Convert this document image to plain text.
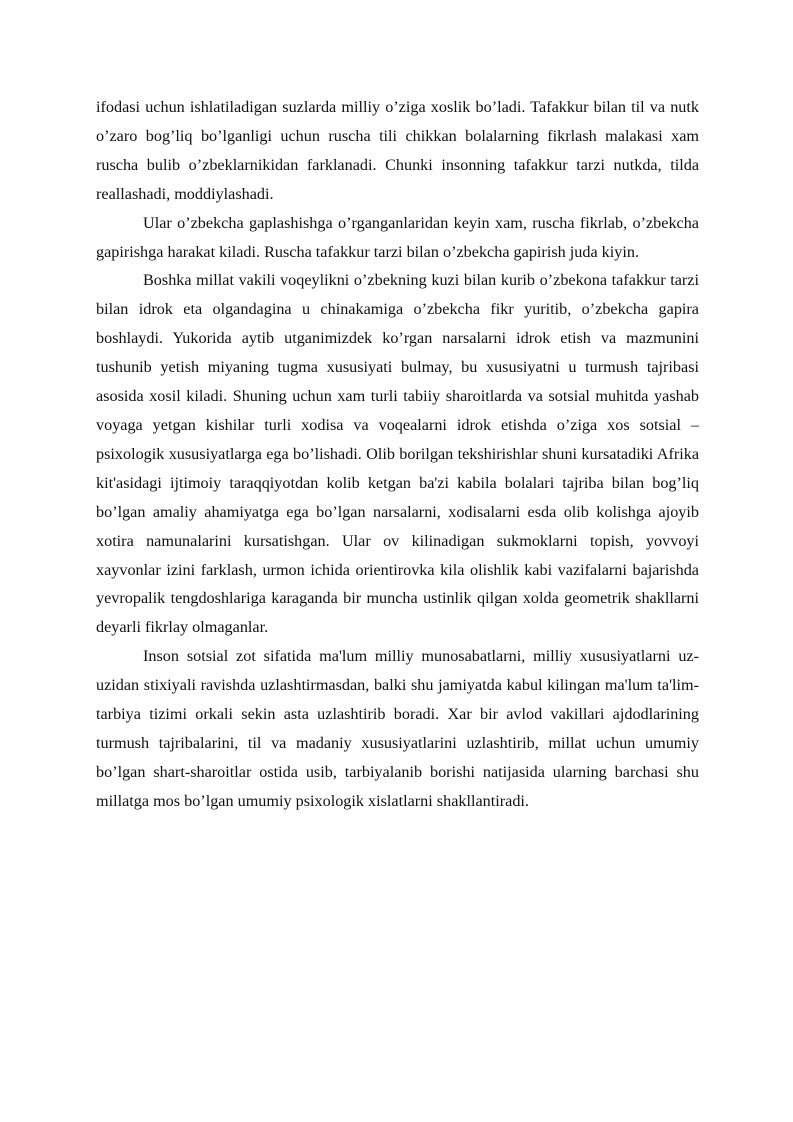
ifodasi uchun ishlatiladigan suzlarda milliy o’ziga xoslik bo’ladi. Tafakkur bilan til va nutk o’zaro bog’liq bo’lganligi uchun ruscha tili chikkan bolalarning fikrlash malakasi xam ruscha bulib o’zbeklarnikidan farklanadi. Chunki insonning tafakkur tarzi nutkda, tilda reallashadi, moddiylashadi.

Ular o’zbekcha gaplashishga o’rganganlaridan keyin xam, ruscha fikrlab, o’zbekcha gapirishga harakat kiladi. Ruscha tafakkur tarzi bilan o’zbekcha gapirish juda kiyin.

Boshka millat vakili voqeylikni o’zbekning kuzi bilan kurib o’zbekona tafakkur tarzi bilan idrok eta olgandagina u chinakamiga o’zbekcha fikr yuritib, o’zbekcha gapira boshlaydi. Yukorida aytib utganimizdek ko’rgan narsalarni idrok etish va mazmunini tushunib yetish miyaning tugma xususiyati bulmay, bu xususiyatni u turmush tajribasi asosida xosil kiladi. Shuning uchun xam turli tabiiy sharoitlarda va sotsial muhitda yashab voyaga yetgan kishilar turli xodisa va voqealarni idrok etishda o’ziga xos sotsial – psixologik xususiyatlarga ega bo’lishadi. Olib borilgan tekshirishlar shuni kursatadiki Afrika kit'asidagi ijtimoiy taraqqiyotdan kolib ketgan ba'zi kabila bolalari tajriba bilan bog’liq bo’lgan amaliy ahamiyatga ega bo’lgan narsalarni, xodisalarni esda olib kolishga ajoyib xotira namunalarini kursatishgan. Ular ov kilinadigan sukmoklarni topish, yovvoyi xayvonlar izini farklash, urmon ichida orientirovka kila olishlik kabi vazifalarni bajarishda yevropalik tengdoshlariga karaganda bir muncha ustinlik qilgan xolda geometrik shakllarni deyarli fikrlay olmaganlar.

Inson sotsial zot sifatida ma'lum milliy munosabatlarni, milliy xususiyatlarni uz-uzidan stixiyali ravishda uzlashtirmasdan, balki shu jamiyatda kabul kilingan ma'lum ta'lim- tarbiya tizimi orkali sekin asta uzlashtirib boradi. Xar bir avlod vakillari ajdodlarining turmush tajribalarini, til va madaniy xususiyatlarini uzlashtirib, millat uchun umumiy bo’lgan shart-sharoitlar ostida usib, tarbiyalanib borishi natijasida ularning barchasi shu millatga mos bo’lgan umumiy psixologik xislatlarni shakllantiradi.
